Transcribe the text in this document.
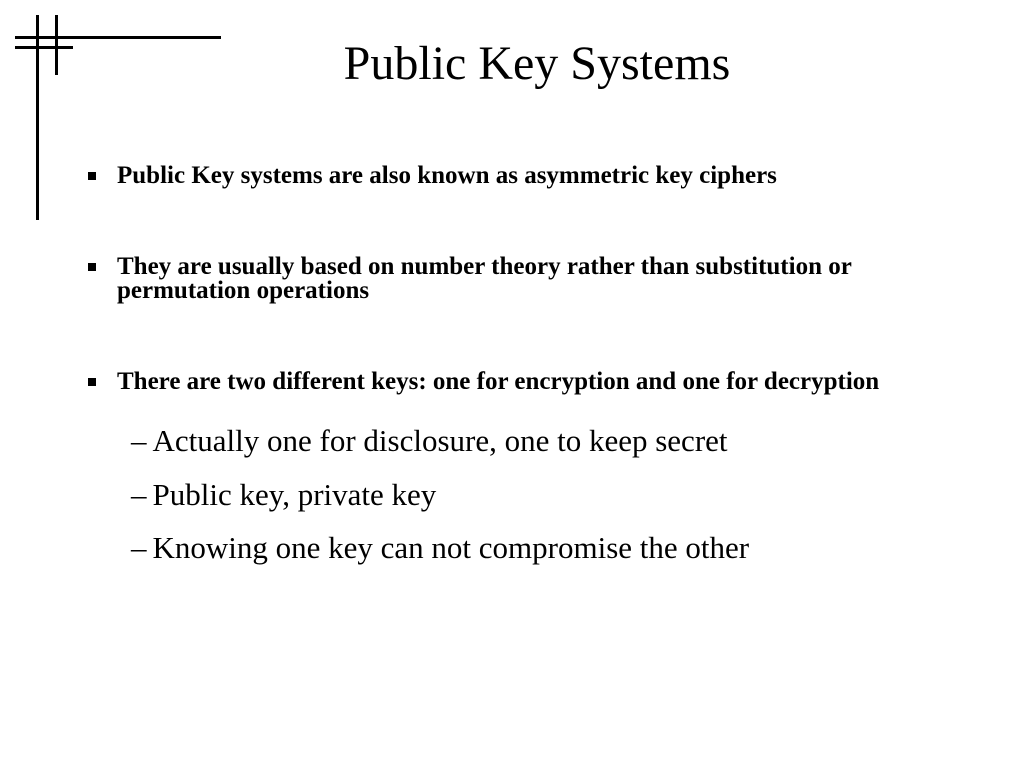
Public Key Systems

Public Key systems are also known as asymmetric key ciphers

They are usually based on number theory rather than substitution or permutation operations

There are two different keys: one for encryption and one for decryption

– Actually one for disclosure, one to keep secret

– Public key, private key

– Knowing one key can not compromise the other
